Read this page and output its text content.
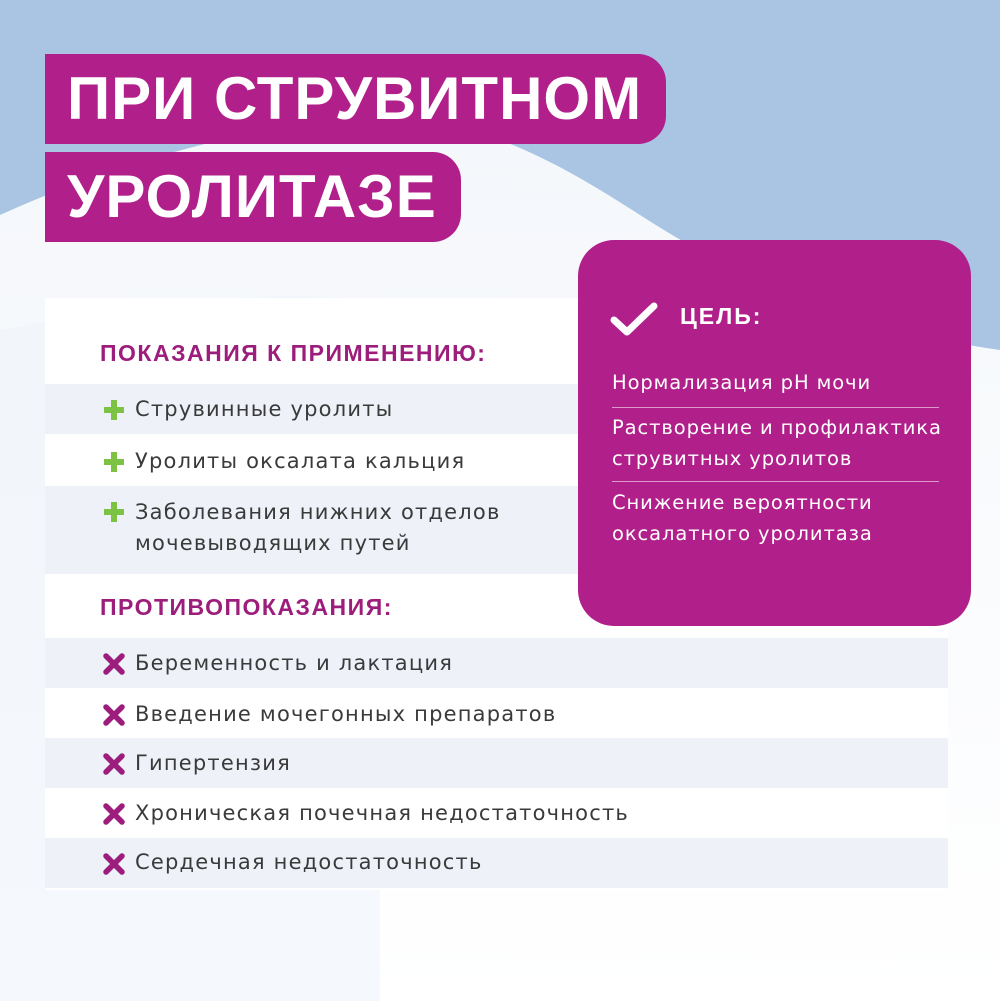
ПРИ СТРУВИТНОМ
УРОЛИТАЗЕ
ПОКАЗАНИЯ К ПРИМЕНЕНИЮ:
Струвинные уролиты
Уролиты оксалата кальция
Заболевания нижних отделов
мочевыводящих путей
ПРОТИВОПОКАЗАНИЯ:
Беременность и лактация
Введение мочегонных препаратов
Гипертензия
Хроническая почечная недостаточность
Сердечная недостаточность
ЦЕЛЬ:
Нормализация pH мочи
Растворение и профилактика
струвитных уролитов
Снижение вероятности
оксалатного уролитаза
